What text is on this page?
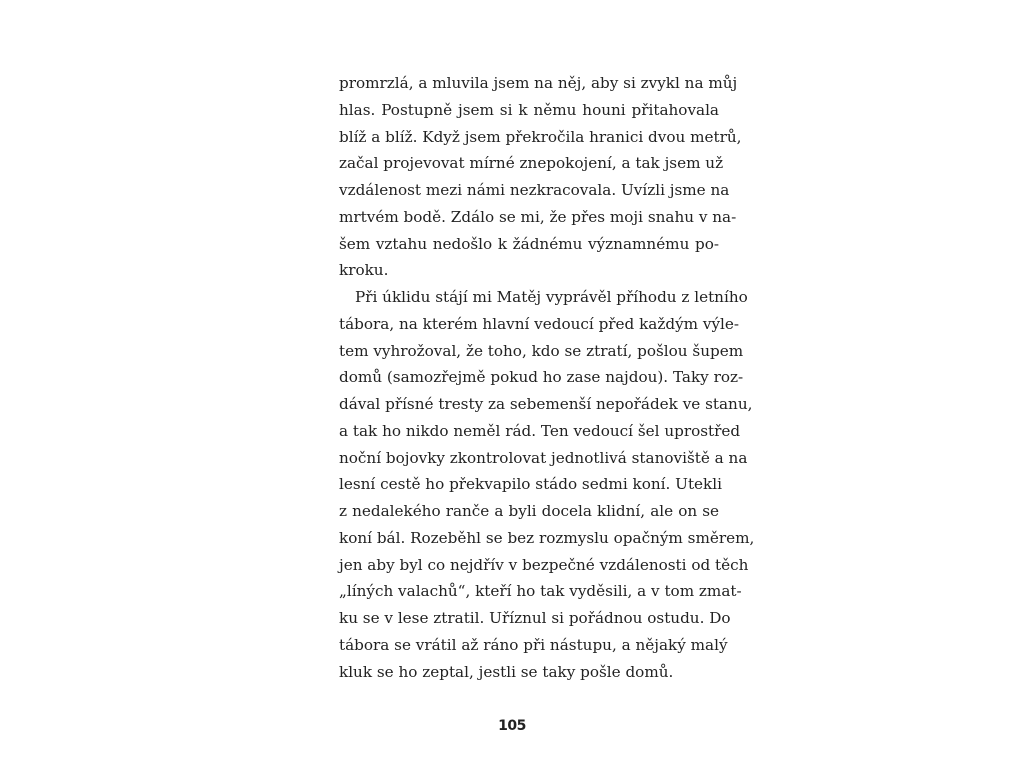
promrzlá, a mluvila jsem na něj, aby si zvykl na můj
hlas. Postupně jsem si k němu houni přitahovala
blíž a blíž. Když jsem překročila hranici dvou metrů,
začal projevovat mírné znepokojení, a tak jsem už
vzdálenost mezi námi nezkracovala. Uvízli jsme na
mrtvém bodě. Zdálo se mi, že přes moji snahu v na-
šem vztahu nedošlo k žádnému významnému po-
kroku.
Při úklidu stájí mi Matěj vyprávěl příhodu z letního
tábora, na kterém hlavní vedoucí před každým výle-
tem vyhrožoval, že toho, kdo se ztratí, pošlou šupem
domů (samozřejmě pokud ho zase najdou). Taky roz-
dával přísné tresty za sebemenší nepořádek ve stanu,
a tak ho nikdo neměl rád. Ten vedoucí šel uprostřed
noční bojovky zkontrolovat jednotlivá stanoviště a na
lesní cestě ho překvapilo stádo sedmi koní. Utekli
z nedalekého ranče a byli docela klidní, ale on se
koní bál. Rozeběhl se bez rozmyslu opačným směrem,
jen aby byl co nejdřív v bezpečné vzdálenosti od těch
„líných valachů“, kteří ho tak vyděsili, a v tom zmat-
ku se v lese ztratil. Uříznul si pořádnou ostudu. Do
tábora se vrátil až ráno při nástupu, a nějaký malý
kluk se ho zeptal, jestli se taky pošle domů.
105
